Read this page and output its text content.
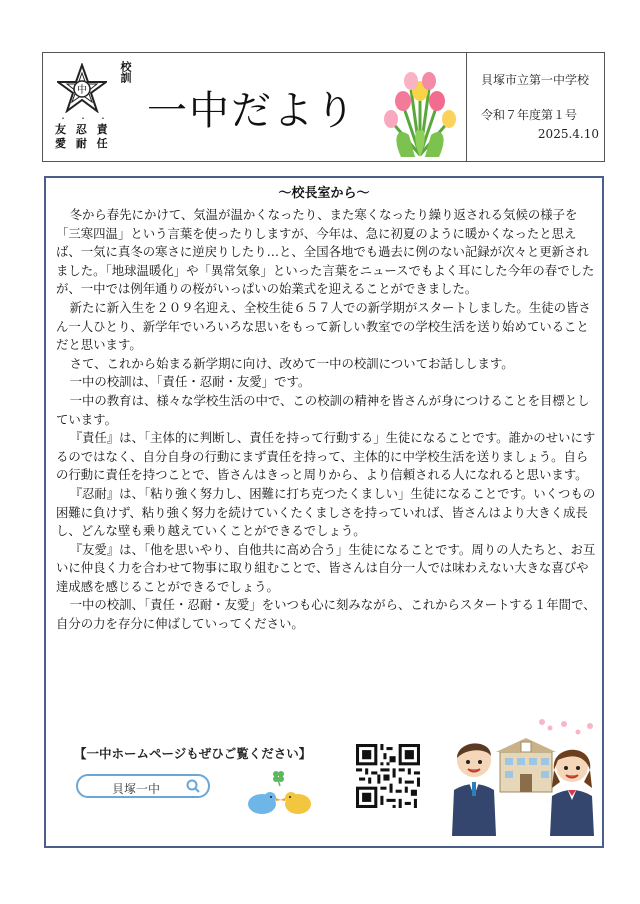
中
校訓
・・・
友 忍 責
愛 耐 任
一中だより
貝塚市立第一中学校
令和７年度第１号
2025.4.10
～校長室から～

冬から春先にかけて、気温が温かくなったり、また寒くなったり繰り返される気候の様子を「三寒四温」という言葉を使ったりしますが、今年は、急に初夏のように暖かくなったと思えば、一気に真冬の寒さに逆戻りしたり…と、全国各地でも過去に例のない記録が次々と更新されました。「地球温暖化」や「異常気象」といった言葉をニュースでもよく耳にした今年の春でしたが、一中では例年通りの桜がいっぱいの始業式を迎えることができました。

新たに新入生を２０９名迎え、全校生徒６５７人での新学期がスタートしました。生徒の皆さん一人ひとり、新学年でいろいろな思いをもって新しい教室での学校生活を送り始めていることだと思います。

さて、これから始まる新学期に向け、改めて一中の校訓についてお話しします。

一中の校訓は、「責任・忍耐・友愛」です。

一中の教育は、様々な学校生活の中で、この校訓の精神を皆さんが身につけることを目標としています。

『責任』は、「主体的に判断し、責任を持って行動する」生徒になることです。誰かのせいにするのではなく、自分自身の行動にまず責任を持って、主体的に中学校生活を送りましょう。自らの行動に責任を持つことで、皆さんはきっと周りから、より信頼される人になれると思います。

『忍耐』は、「粘り強く努力し、困難に打ち克つたくましい」生徒になることです。いくつもの困難に負けず、粘り強く努力を続けていくたくましさを持っていれば、皆さんはより大きく成長し、どんな壁も乗り越えていくことができるでしょう。

『友愛』は、「他を思いやり、自他共に高め合う」生徒になることです。周りの人たちと、お互いに仲良く力を合わせて物事に取り組むことで、皆さんは自分一人では味わえない大きな喜びや達成感を感じることができるでしょう。

一中の校訓、「責任・忍耐・友愛」をいつも心に刻みながら、これからスタートする１年間で、自分の力を存分に伸ばしていってください。

【一中ホームページもぜひご覧ください】
貝塚一中
